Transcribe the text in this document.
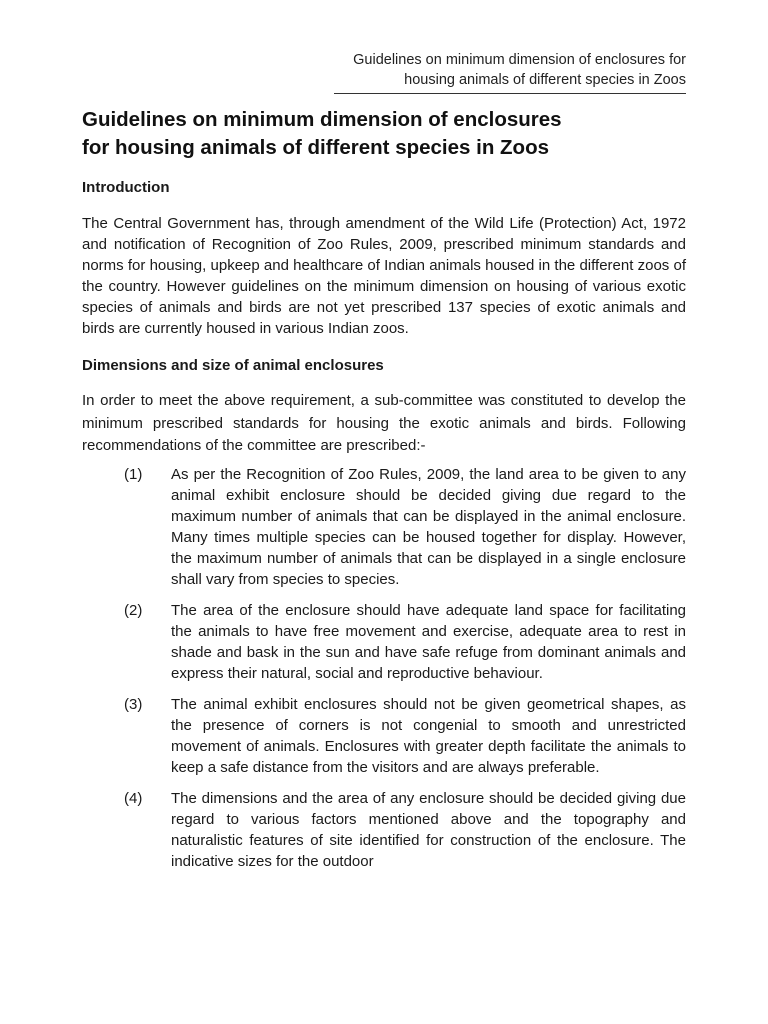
Guidelines on minimum dimension of enclosures for
housing animals of different species in Zoos
Guidelines on minimum dimension of enclosures
for housing animals of different species in Zoos
Introduction

The Central Government has, through amendment of the Wild Life (Protection) Act, 1972 and notification of Recognition of Zoo Rules, 2009, prescribed minimum standards and norms for housing, upkeep and healthcare of Indian animals housed in the different zoos of the country. However guidelines on the minimum dimension on housing of various exotic species of animals and birds are not yet prescribed 137 species of exotic animals and birds are currently housed in various Indian zoos.

Dimensions and size of animal enclosures

In order to meet the above requirement, a sub-committee was constituted to develop the minimum prescribed standards for housing the exotic animals and birds. Following recommendations of the committee are prescribed:-

(1)	As per the Recognition of Zoo Rules, 2009, the land area to be given to any animal exhibit enclosure should be decided giving due regard to the maximum number of animals that can be displayed in the animal enclosure. Many times multiple species can be housed together for display. However, the maximum number of animals that can be displayed in a single enclosure shall vary from species to species.
(2)	The area of the enclosure should have adequate land space for facilitating the animals to have free movement and exercise, adequate area to rest in shade and bask in the sun and have safe refuge from dominant animals and express their natural, social and reproductive behaviour.
(3)	The animal exhibit enclosures should not be given geometrical shapes, as the presence of corners is not congenial to smooth and unrestricted movement of animals. Enclosures with greater depth facilitate the animals to keep a safe distance from the visitors and are always preferable.
(4)	The dimensions and the area of any enclosure should be decided giving due regard to various factors mentioned above and the topography and naturalistic features of site identified for construction of the enclosure. The indicative sizes for the outdoor
